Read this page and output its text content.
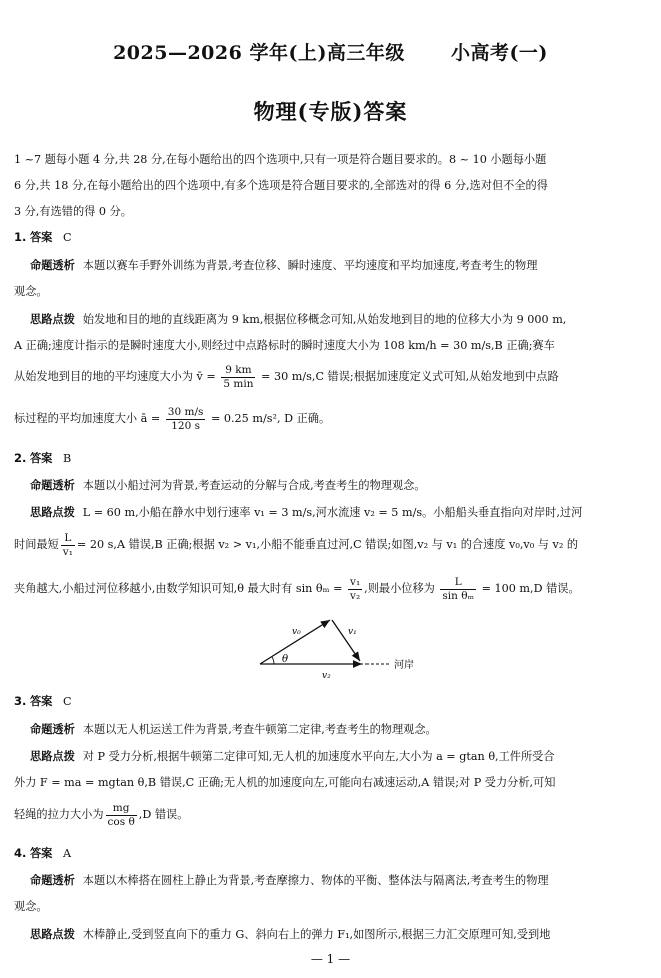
2025—2026 学年(上)高三年级 小高考(一)
物理(专版)答案
1 ~7 题每小题 4 分,共 28 分,在每小题给出的四个选项中,只有一项是符合题目要求的。8 ~ 10 小题每小题
6 分,共 18 分,在每小题给出的四个选项中,有多个选项是符合题目要求的,全部选对的得 6 分,选对但不全的得
3 分,有选错的得 0 分。
1. 答案 C
命题透析 本题以赛车手野外训练为背景,考查位移、瞬时速度、平均速度和平均加速度,考查考生的物理
观念。
思路点拨 始发地和目的地的直线距离为 9 km,根据位移概念可知,从始发地到目的地的位移大小为 9 000 m,
A 正确;速度计指示的是瞬时速度大小,则经过中点路标时的瞬时速度大小为 108 km/h = 30 m/s,B 正确;赛车
从始发地到目的地的平均速度大小为 v̄ = $\frac{9 km}{5 \min} = 30$ m/s,C 错误;根据加速度定义式可知,从始发地到中点路
标过程的平均加速度大小 ā = $\frac{30 m/s}{120 s} = 0.25$ m/s², D 正确。
2. 答案 B
命题透析 本题以小船过河为背景,考查运动的分解与合成,考查考生的物理观念。
思路点拨 L = 60 m,小船在静水中划行速率 v₁ = 3 m/s,河水流速 v₂ = 5 m/s。小船船头垂直指向对岸时,过河
时间最短 $\frac{L}{\text{v₁}} = 20$ s,A 错误,B 正确;根据 v₂ > v₁,小船不能垂直过河,C 错误;如图,v₂ 与 v₁ 的合速度 v₀,v₀ 与 v₂ 的
夹角越大,小船过河位移越小,由数学知识可知,θ 最大时有 $\sin \theta_m = \frac{\text{v₁}}{\text{v₂}}$ ,则最小位移为 $\frac{L}{\text{sin θₘ}} = 100$ m,D 错误。
θ
v₀	v₁
v₂
河岸
3. 答案 C
命题透析 本题以无人机运送工件为背景,考查牛顿第二定律,考查考生的物理观念。
思路点拨 对 P 受力分析,根据牛顿第二定律可知,无人机的加速度水平向左,大小为 a = gtan θ,工件所受合
外力 F = ma = mgtan θ,B 错误,C 正确;无人机的加速度向左,可能向右减速运动,A 错误;对 P 受力分析,可知
轻绳的拉力大小为 $\frac{mg}{\text{cos θ}} ,D$ 错误。
4. 答案 A
命题透析 本题以木棒搭在圆柱上静止为背景,考查摩擦力、物体的平衡、整体法与隔离法,考查考生的物理
观念。
思路点拨 木棒静止,受到竖直向下的重力 G、斜向右上的弹力 F₁,如图所示,根据三力汇交原理可知,受到地
— 1 —
